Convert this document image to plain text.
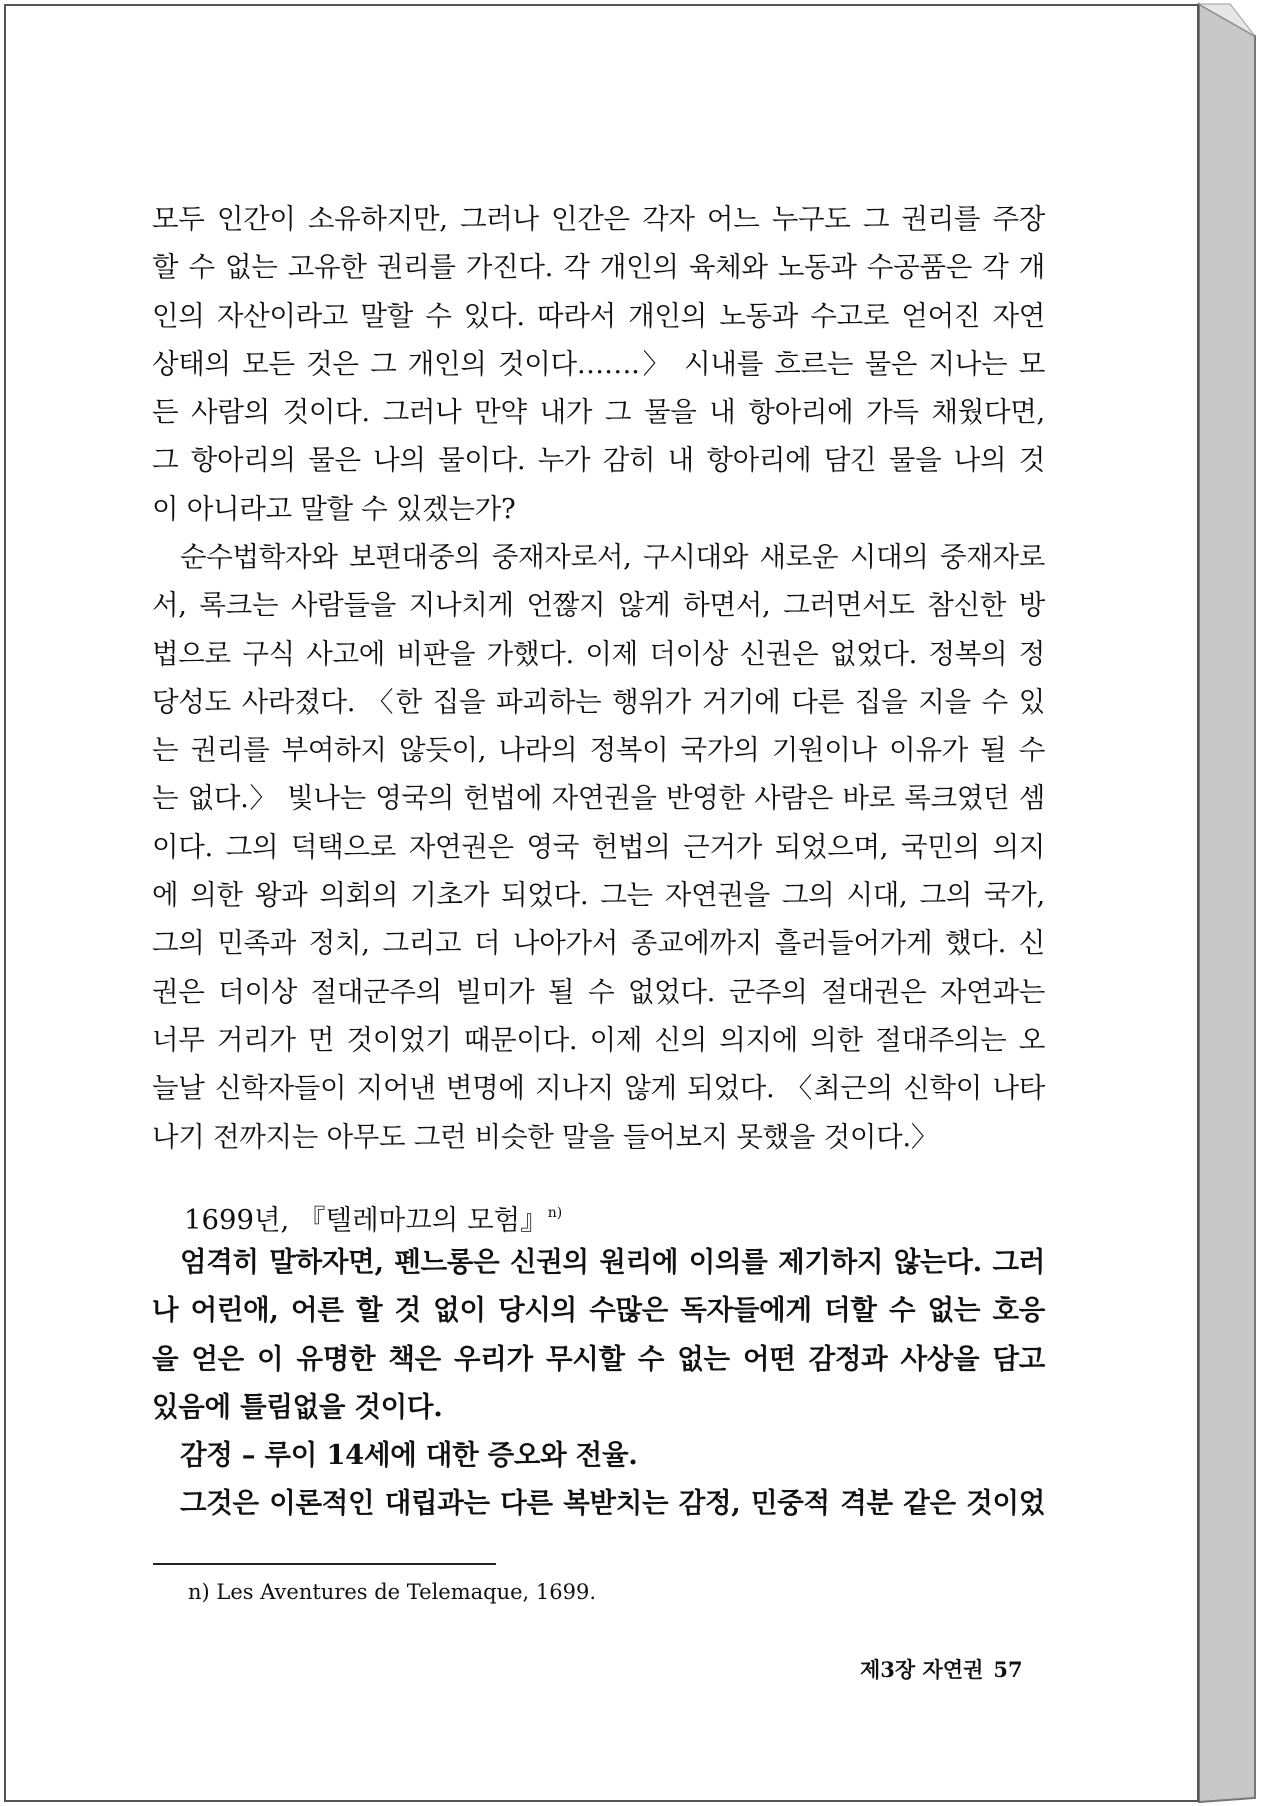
모두 인간이 소유하지만, 그러나 인간은 각자 어느 누구도 그 권리를 주장
할 수 없는 고유한 권리를 가진다. 각 개인의 육체와 노동과 수공품은 각 개
인의 자산이라고 말할 수 있다. 따라서 개인의 노동과 수고로 얻어진 자연
상태의 모든 것은 그 개인의 것이다…….〉 시내를 흐르는 물은 지나는 모
든 사람의 것이다. 그러나 만약 내가 그 물을 내 항아리에 가득 채웠다면,
그 항아리의 물은 나의 물이다. 누가 감히 내 항아리에 담긴 물을 나의 것
이 아니라고 말할 수 있겠는가?
순수법학자와 보편대중의 중재자로서, 구시대와 새로운 시대의 중재자로
서, 록크는 사람들을 지나치게 언짢지 않게 하면서, 그러면서도 참신한 방
법으로 구식 사고에 비판을 가했다. 이제 더이상 신권은 없었다. 정복의 정
당성도 사라졌다. 〈한 집을 파괴하는 행위가 거기에 다른 집을 지을 수 있
는 권리를 부여하지 않듯이, 나라의 정복이 국가의 기원이나 이유가 될 수
는 없다.〉 빛나는 영국의 헌법에 자연권을 반영한 사람은 바로 록크였던 셈
이다. 그의 덕택으로 자연권은 영국 헌법의 근거가 되었으며, 국민의 의지
에 의한 왕과 의회의 기초가 되었다. 그는 자연권을 그의 시대, 그의 국가,
그의 민족과 정치, 그리고 더 나아가서 종교에까지 흘러들어가게 했다. 신
권은 더이상 절대군주의 빌미가 될 수 없었다. 군주의 절대권은 자연과는
너무 거리가 먼 것이었기 때문이다. 이제 신의 의지에 의한 절대주의는 오
늘날 신학자들이 지어낸 변명에 지나지 않게 되었다. 〈최근의 신학이 나타
나기 전까지는 아무도 그런 비슷한 말을 들어보지 못했을 것이다.〉
1699년, 『텔레마끄의 모험』$^{n)}$
엄격히 말하자면, 펜느롱은 신권의 원리에 이의를 제기하지 않는다. 그러
나 어린애, 어른 할 것 없이 당시의 수많은 독자들에게 더할 수 없는 호응
을 얻은 이 유명한 책은 우리가 무시할 수 없는 어떤 감정과 사상을 담고
있음에 틀림없을 것이다.
감정 – 루이 14세에 대한 증오와 전율.
그것은 이론적인 대립과는 다른 복받치는 감정, 민중적 격분 같은 것이었
n) Les Aventures de Telemaque, 1699.
제3장 자연권 57
